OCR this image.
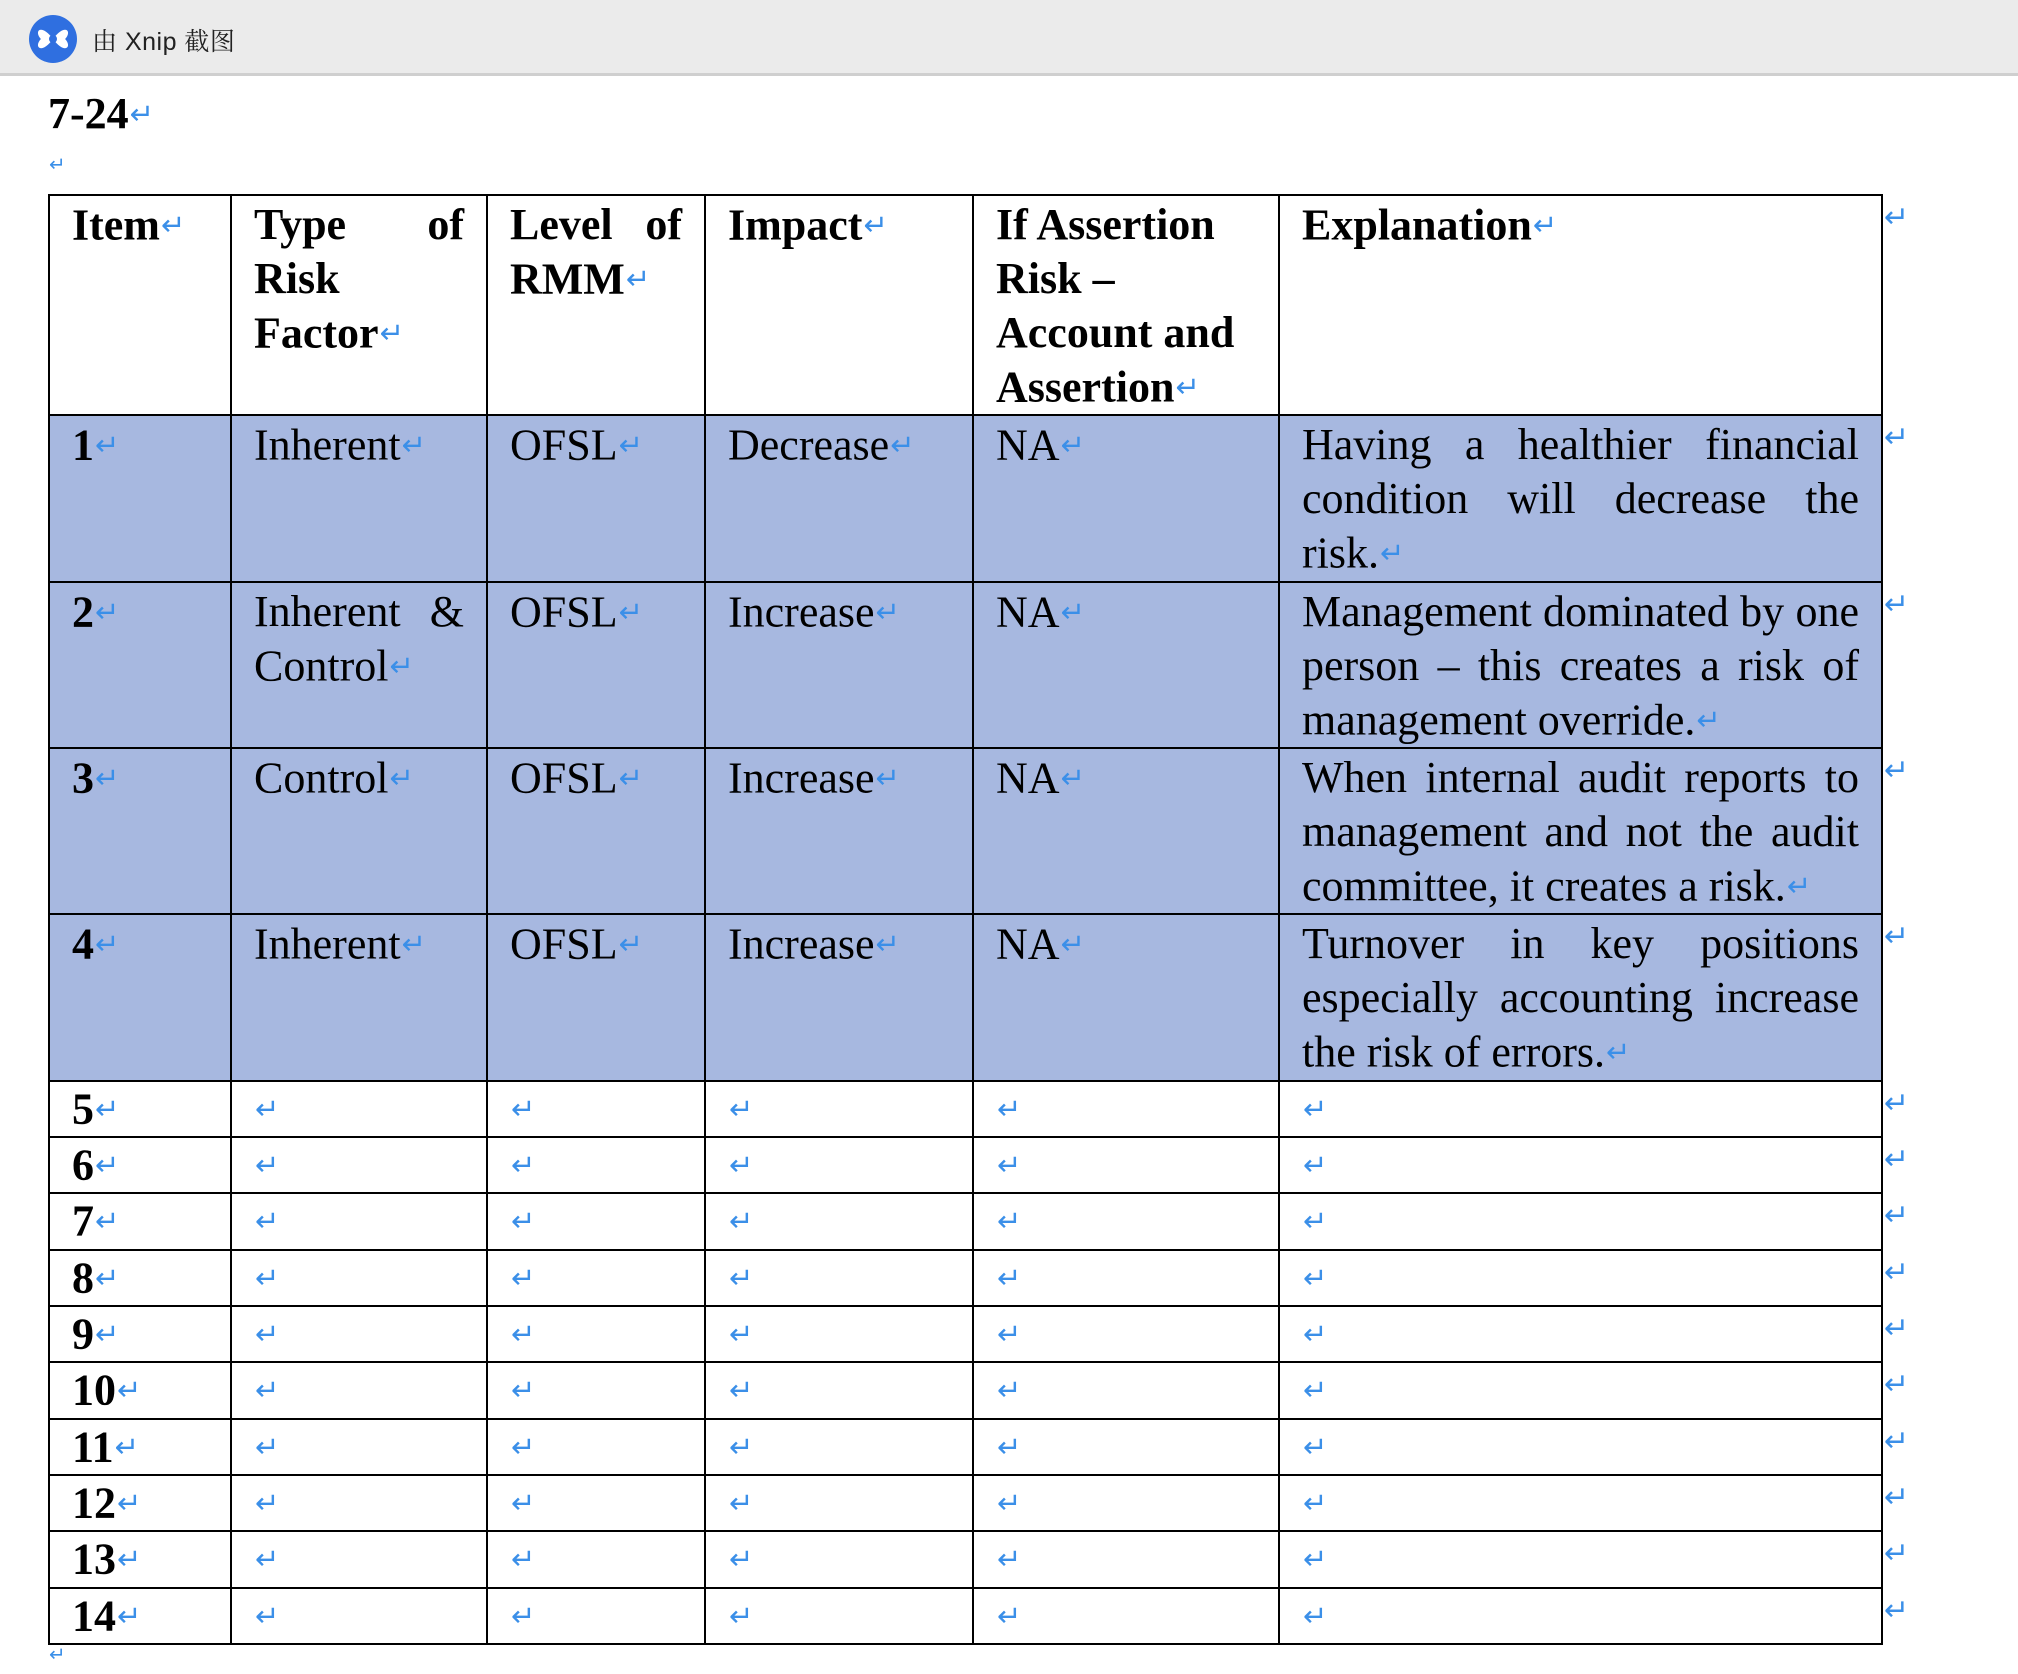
由 Xnip 截图
7-24↵
↵
Item↵	Type of Risk Factor↵	Level of RMM↵	Impact↵	If Assertion Risk – Account and Assertion↵	Explanation↵
1↵	Inherent↵	OFSL↵	Decrease↵	NA↵	Having a healthier financial condition will decrease the risk.↵
2↵	Inherent & Control↵	OFSL↵	Increase↵	NA↵	Management dominated by one person – this creates a risk of management override.↵
3↵	Control↵	OFSL↵	Increase↵	NA↵	When internal audit reports to management and not the audit committee, it creates a risk.↵
4↵	Inherent↵	OFSL↵	Increase↵	NA↵	Turnover in key positions especially accounting increase the risk of errors.↵
5↵	↵	↵	↵	↵	↵
6↵	↵	↵	↵	↵	↵
7↵	↵	↵	↵	↵	↵
8↵	↵	↵	↵	↵	↵
9↵	↵	↵	↵	↵	↵
10↵	↵	↵	↵	↵	↵
11↵	↵	↵	↵	↵	↵
12↵	↵	↵	↵	↵	↵
13↵	↵	↵	↵	↵	↵
14↵	↵	↵	↵	↵	↵
↵
↵
↵
↵
↵
↵
↵
↵
↵
↵
↵
↵
↵
↵
↵
↵
